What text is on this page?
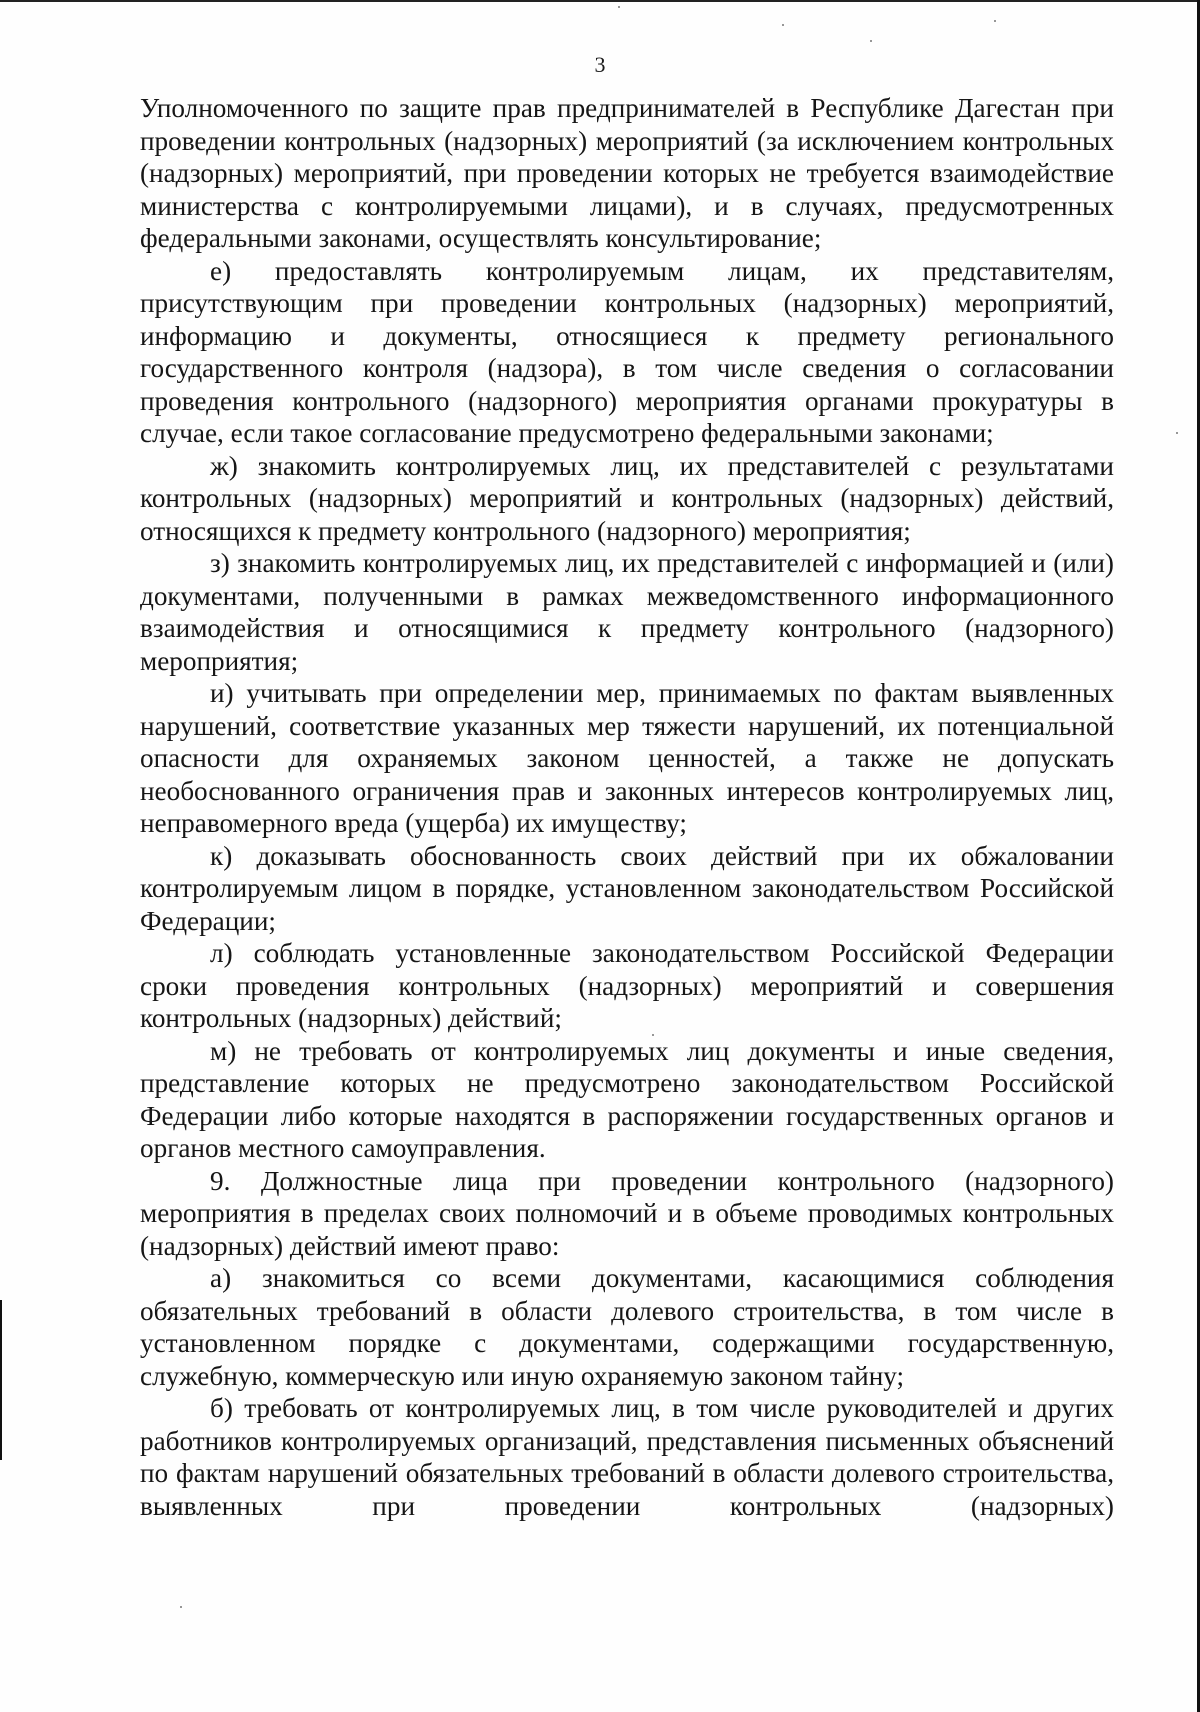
3

Уполномоченного по защите прав предпринимателей в Республике Дагестан при проведении контрольных (надзорных) мероприятий (за исключением контрольных (надзорных) мероприятий, при проведении которых не требуется взаимодействие министерства с контролируемыми лицами), и в случаях, предусмотренных федеральными законами, осуществлять консультирование;

е) предоставлять контролируемым лицам, их представителям, присутствующим при проведении контрольных (надзорных) мероприятий, информацию и документы, относящиеся к предмету регионального государственного контроля (надзора), в том числе сведения о согласовании проведения контрольного (надзорного) мероприятия органами прокуратуры в случае, если такое согласование предусмотрено федеральными законами;

ж) знакомить контролируемых лиц, их представителей с результатами контрольных (надзорных) мероприятий и контрольных (надзорных) действий, относящихся к предмету контрольного (надзорного) мероприятия;

з) знакомить контролируемых лиц, их представителей с информацией и (или) документами, полученными в рамках межведомственного информационного взаимодействия и относящимися к предмету контрольного (надзорного) мероприятия;

и) учитывать при определении мер, принимаемых по фактам выявленных нарушений, соответствие указанных мер тяжести нарушений, их потенциальной опасности для охраняемых законом ценностей, а также не допускать необоснованного ограничения прав и законных интересов контролируемых лиц, неправомерного вреда (ущерба) их имуществу;

к) доказывать обоснованность своих действий при их обжаловании контролируемым лицом в порядке, установленном законодательством Российской Федерации;

л) соблюдать установленные законодательством Российской Федерации сроки проведения контрольных (надзорных) мероприятий и совершения контрольных (надзорных) действий;

м) не требовать от контролируемых лиц документы и иные сведения, представление которых не предусмотрено законодательством Российской Федерации либо которые находятся в распоряжении государственных органов и органов местного самоуправления.

9. Должностные лица при проведении контрольного (надзорного) мероприятия в пределах своих полномочий и в объеме проводимых контрольных (надзорных) действий имеют право:

а) знакомиться со всеми документами, касающимися соблюдения обязательных требований в области долевого строительства, в том числе в установленном порядке с документами, содержащими государственную, служебную, коммерческую или иную охраняемую законом тайну;

б) требовать от контролируемых лиц, в том числе руководителей и других работников контролируемых организаций, представления письменных объяснений по фактам нарушений обязательных требований в области долевого строительства, выявленных при проведении контрольных (надзорных)
